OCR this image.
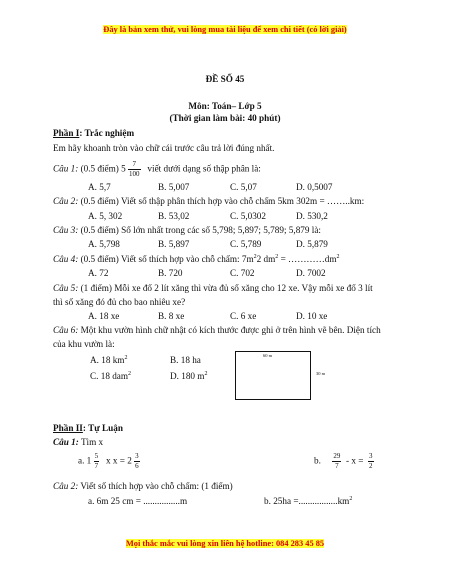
Đây là bản xem thử, vui lòng mua tài liệu để xem chi tiết (có lời giải)
ĐỀ SỐ 45
Môn: Toán– Lớp 5
(Thời gian làm bài: 40 phút)
Phần I: Trắc nghiệm
Em hãy khoanh tròn vào chữ cái trước câu trả lời đúng nhất.
Câu 1: (0.5 điểm) $5 \frac{7}{100}$ viết dưới dạng số thập phân là:
A. 5,7	B. 5,007	C. 5,07	D. 0,5007
Câu 2: (0.5 điểm) Viết số thập phân thích hợp vào chỗ chấm 5km 302m = ……..km:
A. 5, 302	B. 53,02	C. 5,0302	D. 530,2
Câu 3: (0.5 điểm) Số lớn nhất trong các số 5,798; 5,897; 5,789; 5,879 là:
A. 5,798	B. 5,897	C. 5,789	D. 5,879
Câu 4: (0.5 điểm) Viết số thích hợp vào chỗ chấm: $7m^22$ $dm^2$ = $\dots\dots\dots\dots dm^2$
A. 72	B. 720	C. 702	D. 7002
Câu 5: (1 điểm) Mỗi xe đố 2 lít xăng thì vừa đủ số xăng cho 12 xe. Vậy mỗi xe đổ 3 lít
thì số xăng đó đủ cho bao nhiêu xe?
A. 18 xe	B. 8 xe	C. 6 xe	D. 10 xe
Câu 6: Một khu vườn hình chữ nhật có kích thước được ghi ở trên hình vẽ bên. Diện tích
của khu vườn là:
A. 18 $km^2$	B. 18 ha
C. 18 dam$^2$	D. 180 $m^2$
60 m
30 m
Phần II: Tự Luận
Câu 1: Tìm x
a. $1 \frac{5}{7}$ x $x = 2 \frac{3}{6}$	b. $\frac{29}{7} - x = \frac{3}{2}$
Câu 2: Viết số thích hợp vào chỗ chấm: (1 điểm)
a. 6m 25 cm = ................m	b. $25ha =.................km^2$
Mọi thắc mắc vui lòng xin liên hệ hotline: 084 283 45 85
